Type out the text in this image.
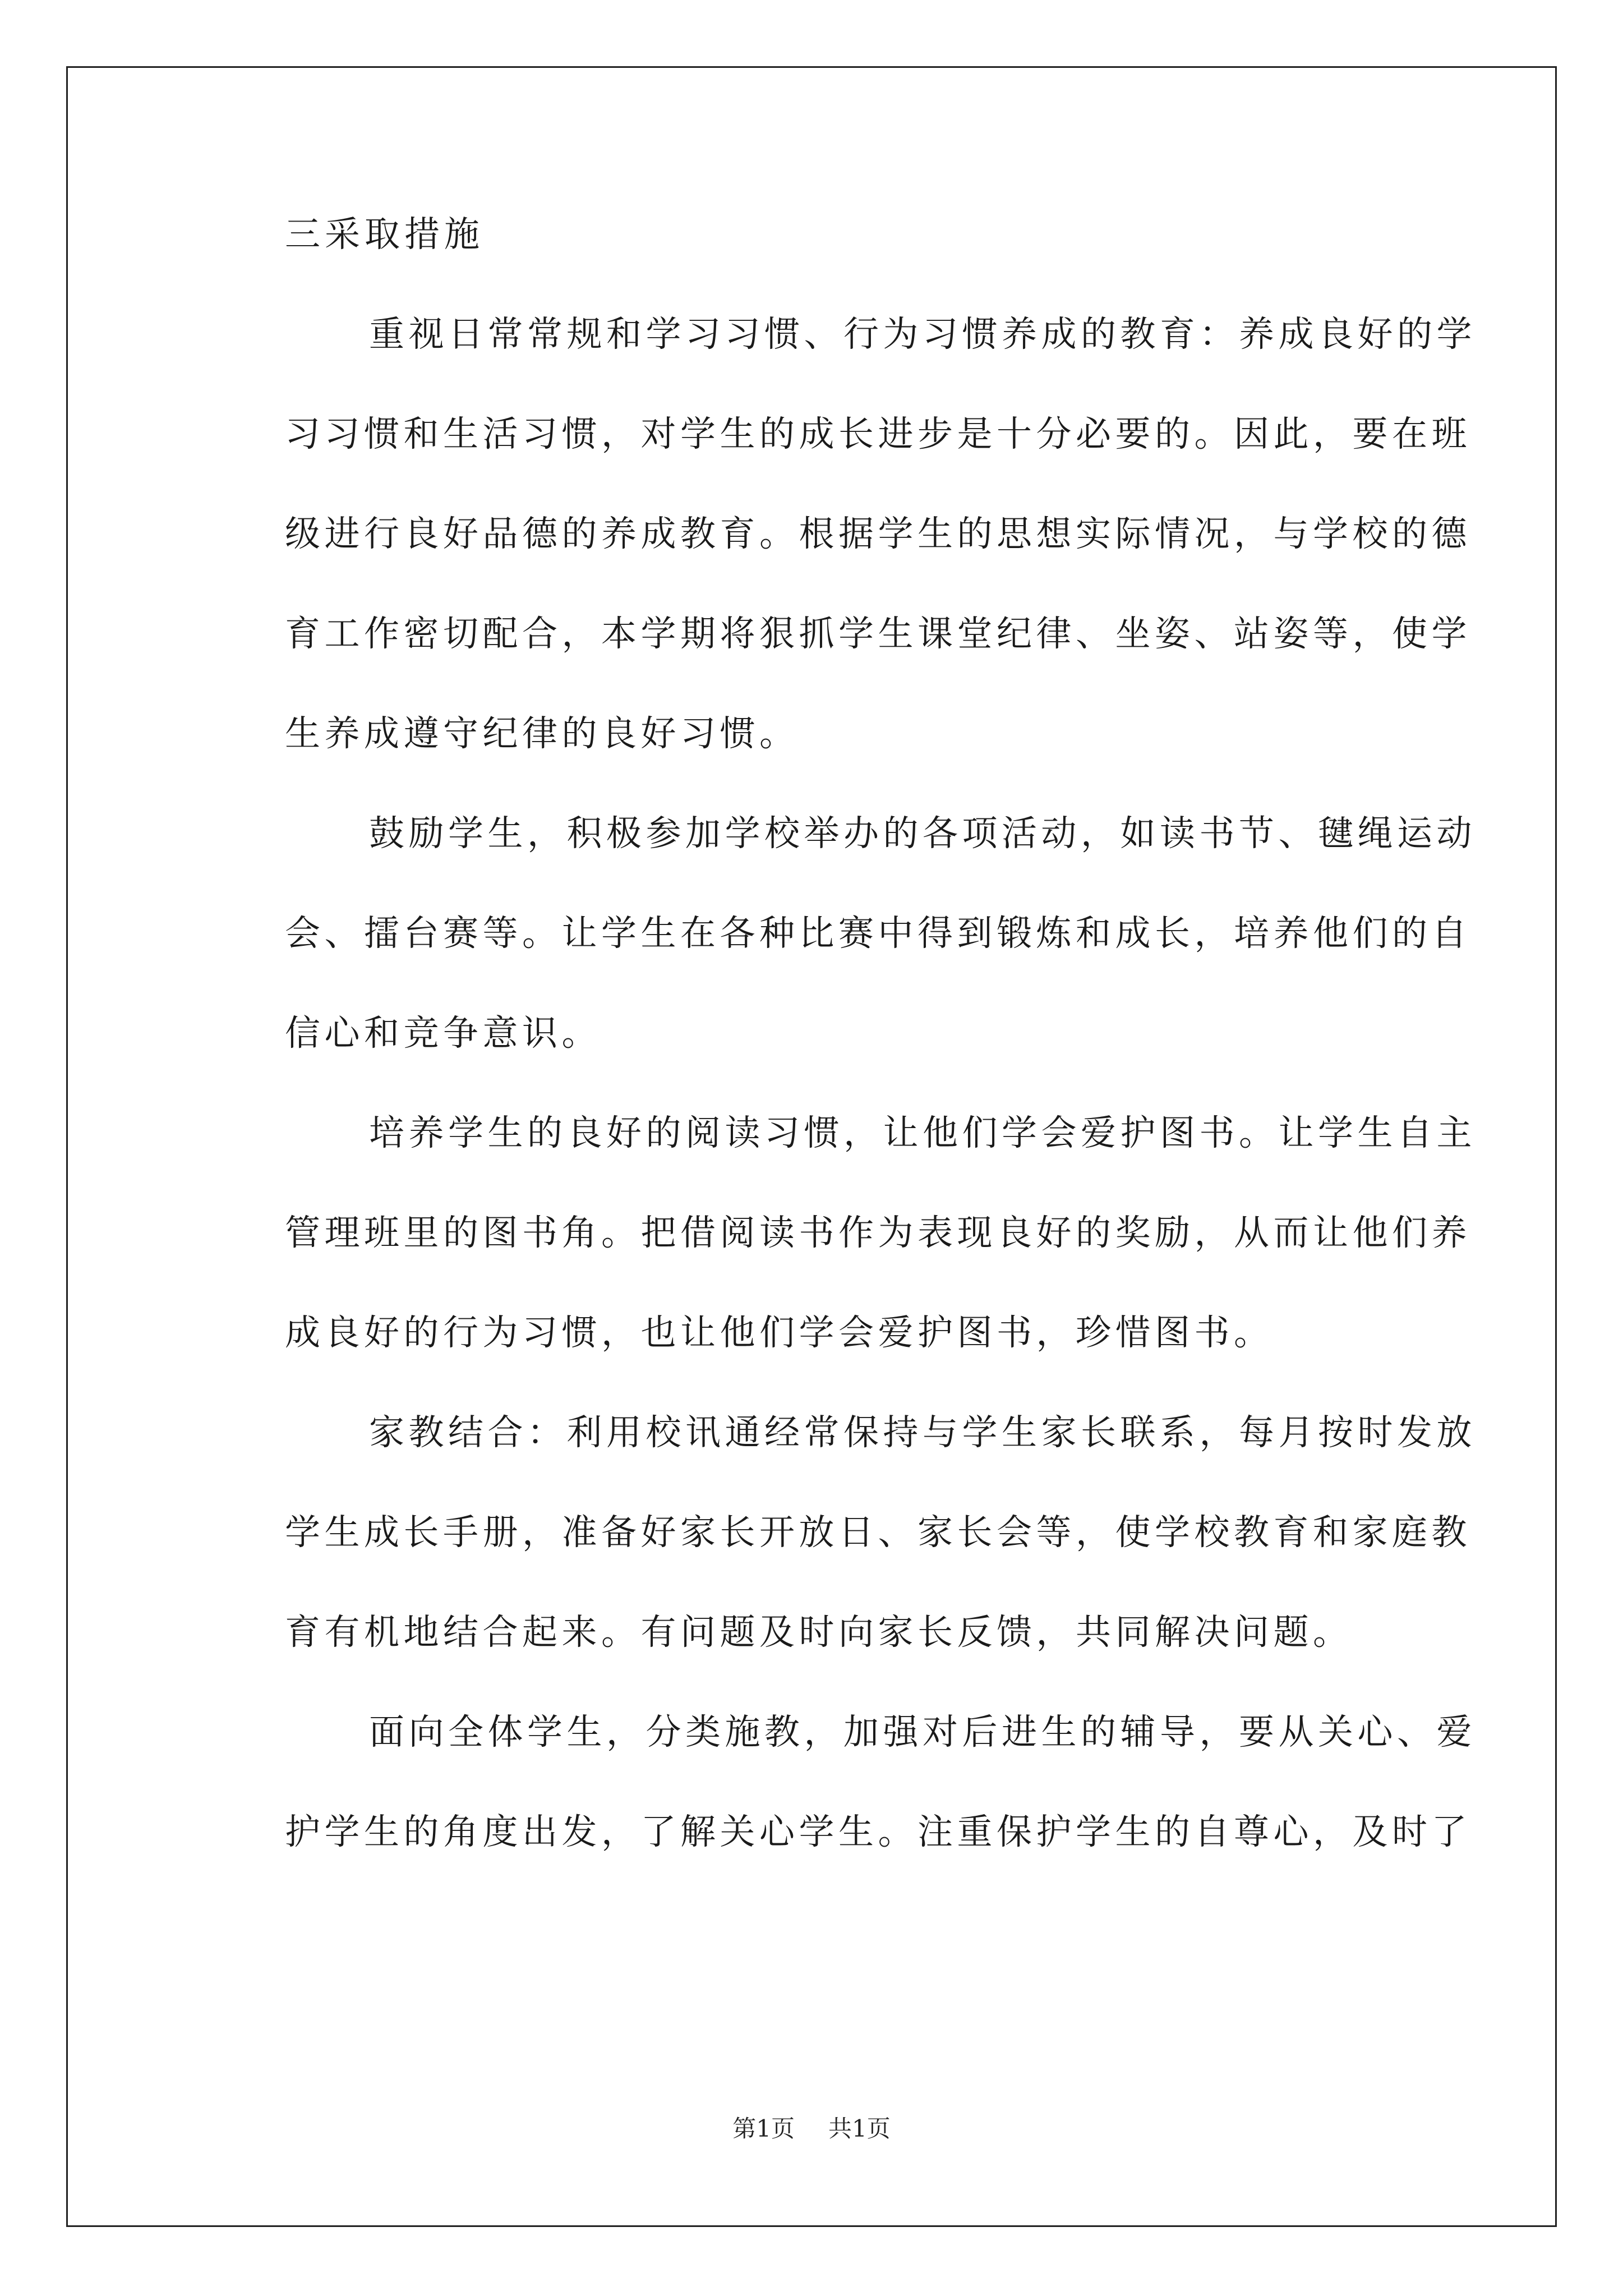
三采取措施
重视日常常规和学习习惯、行为习惯养成的教育：养成良好的学
习习惯和生活习惯，对学生的成长进步是十分必要的。因此，要在班
级进行良好品德的养成教育。根据学生的思想实际情况，与学校的德
育工作密切配合，本学期将狠抓学生课堂纪律、坐姿、站姿等，使学
生养成遵守纪律的良好习惯。
鼓励学生，积极参加学校举办的各项活动，如读书节、毽绳运动
会、擂台赛等。让学生在各种比赛中得到锻炼和成长，培养他们的自
信心和竞争意识。
培养学生的良好的阅读习惯，让他们学会爱护图书。让学生自主
管理班里的图书角。把借阅读书作为表现良好的奖励，从而让他们养
成良好的行为习惯，也让他们学会爱护图书，珍惜图书。
家教结合：利用校讯通经常保持与学生家长联系，每月按时发放
学生成长手册，准备好家长开放日、家长会等，使学校教育和家庭教
育有机地结合起来。有问题及时向家长反馈，共同解决问题。
面向全体学生，分类施教，加强对后进生的辅导，要从关心、爱
护学生的角度出发，了解关心学生。注重保护学生的自尊心，及时了
第1页 共1页
